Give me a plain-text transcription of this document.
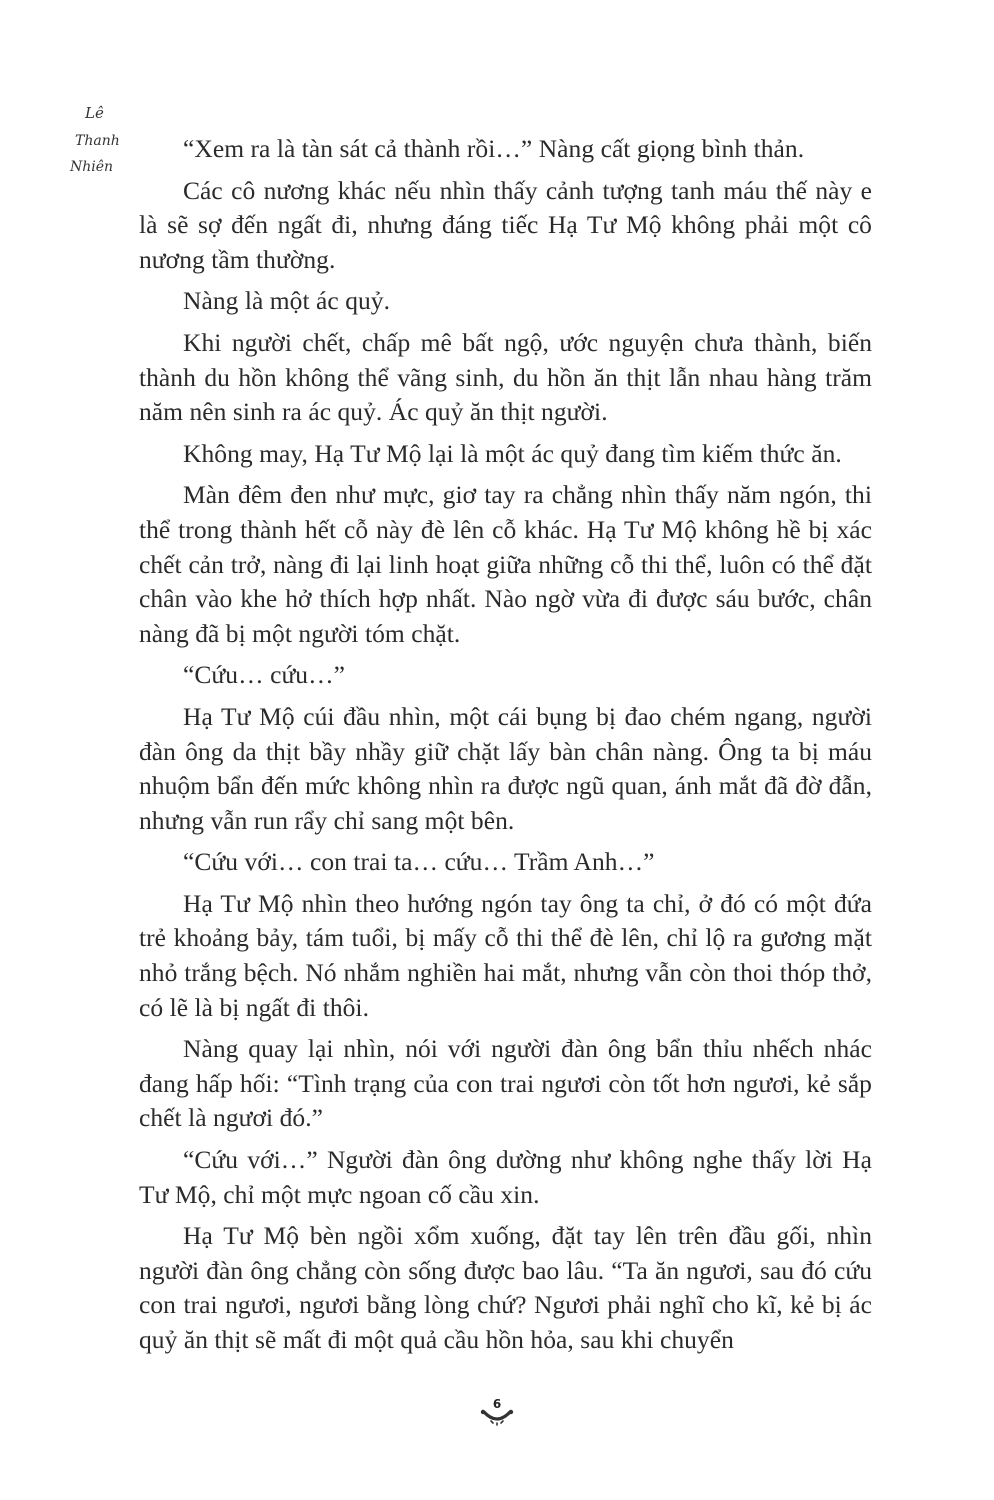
Lê
Thanh
Nhiên

“Xem ra là tàn sát cả thành rồi…” Nàng cất giọng bình thản.

Các cô nương khác nếu nhìn thấy cảnh tượng tanh máu thế này e là sẽ sợ đến ngất đi, nhưng đáng tiếc Hạ Tư Mộ không phải một cô nương tầm thường.

Nàng là một ác quỷ.

Khi người chết, chấp mê bất ngộ, ước nguyện chưa thành, biến thành du hồn không thể vãng sinh, du hồn ăn thịt lẫn nhau hàng trăm năm nên sinh ra ác quỷ. Ác quỷ ăn thịt người.

Không may, Hạ Tư Mộ lại là một ác quỷ đang tìm kiếm thức ăn.

Màn đêm đen như mực, giơ tay ra chẳng nhìn thấy năm ngón, thi thể trong thành hết cỗ này đè lên cỗ khác. Hạ Tư Mộ không hề bị xác chết cản trở, nàng đi lại linh hoạt giữa những cỗ thi thể, luôn có thể đặt chân vào khe hở thích hợp nhất. Nào ngờ vừa đi được sáu bước, chân nàng đã bị một người tóm chặt.

“Cứu… cứu…”

Hạ Tư Mộ cúi đầu nhìn, một cái bụng bị đao chém ngang, người đàn ông da thịt bầy nhầy giữ chặt lấy bàn chân nàng. Ông ta bị máu nhuộm bẩn đến mức không nhìn ra được ngũ quan, ánh mắt đã đờ đẫn, nhưng vẫn run rẩy chỉ sang một bên.

“Cứu với… con trai ta… cứu… Trầm Anh…”

Hạ Tư Mộ nhìn theo hướng ngón tay ông ta chỉ, ở đó có một đứa trẻ khoảng bảy, tám tuổi, bị mấy cỗ thi thể đè lên, chỉ lộ ra gương mặt nhỏ trắng bệch. Nó nhắm nghiền hai mắt, nhưng vẫn còn thoi thóp thở, có lẽ là bị ngất đi thôi.

Nàng quay lại nhìn, nói với người đàn ông bẩn thỉu nhếch nhác đang hấp hối: “Tình trạng của con trai ngươi còn tốt hơn ngươi, kẻ sắp chết là ngươi đó.”

“Cứu với…” Người đàn ông dường như không nghe thấy lời Hạ Tư Mộ, chỉ một mực ngoan cố cầu xin.

Hạ Tư Mộ bèn ngồi xổm xuống, đặt tay lên trên đầu gối, nhìn người đàn ông chẳng còn sống được bao lâu. “Ta ăn ngươi, sau đó cứu con trai ngươi, ngươi bằng lòng chứ? Ngươi phải nghĩ cho kĩ, kẻ bị ác quỷ ăn thịt sẽ mất đi một quả cầu hồn hỏa, sau khi chuyển

6
